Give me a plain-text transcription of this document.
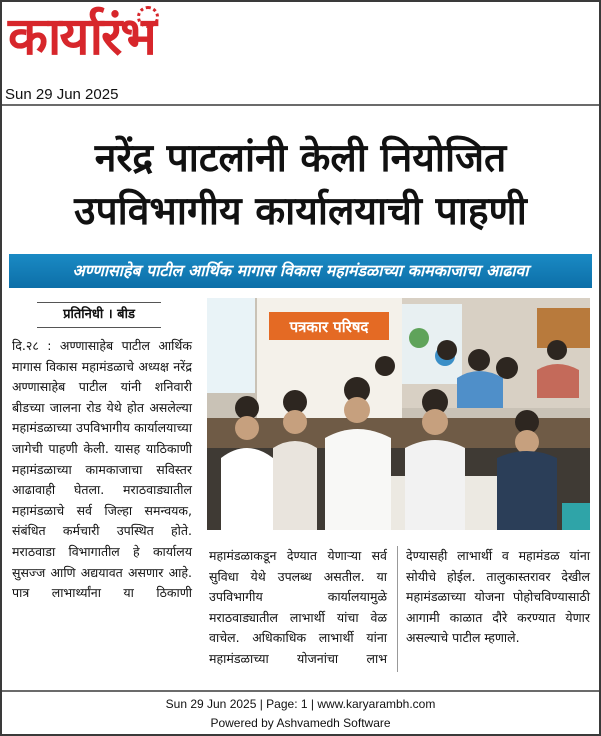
कार्यारंभ
Sun 29 Jun 2025
नरेंद्र पाटलांनी केली नियोजित
उपविभागीय कार्यालयाची पाहणी
अण्णासाहेब पाटील आर्थिक मागास विकास महामंडळाच्या कामकाजाचा आढावा
प्रतिनिधी । बीड
दि.२८ : अण्णासाहेब पाटील आर्थिक मागास विकास महामंडळाचे अध्यक्ष नरेंद्र अण्णासाहेब पाटील यांनी शनिवारी बीडच्या जालना रोड येथे होत असलेल्या महामंडळाच्या उपविभागीय कार्यालयाच्या जागेची पाहणी केली. यासह याठिकाणी महामंडळाच्या कामकाजाचा सविस्तर आढावाही घेतला. मराठवाड्यातील महामंडळाचे सर्व जिल्हा समन्वयक, संबंधित कर्मचारी उपस्थित होते. मराठवाडा विभागातील हे कार्यालय सुसज्ज आणि अद्ययावत असणार आहे. पात्र लाभार्थ्यांना या ठिकाणी
पत्रकार परिषद
महामंडळाकडून देण्यात येणाऱ्या सर्व सुविधा येथे उपलब्ध असतील. या उपविभागीय कार्यालयामुळे मराठवाड्यातील लाभार्थी यांचा वेळ वाचेल. अधिकाधिक लाभार्थी यांना महामंडळाच्या योजनांचा लाभ
देण्यासही लाभार्थी व महामंडळ यांना सोयीचे होईल. तालुकास्तरावर देखील महामंडळाच्या योजना पोहोचविण्यासाठी आगामी काळात दौरे करण्यात येणार असल्याचे पाटील म्हणाले.
Sun 29 Jun 2025 | Page: 1 | www.karyarambh.com
Powered by Ashvamedh Software
